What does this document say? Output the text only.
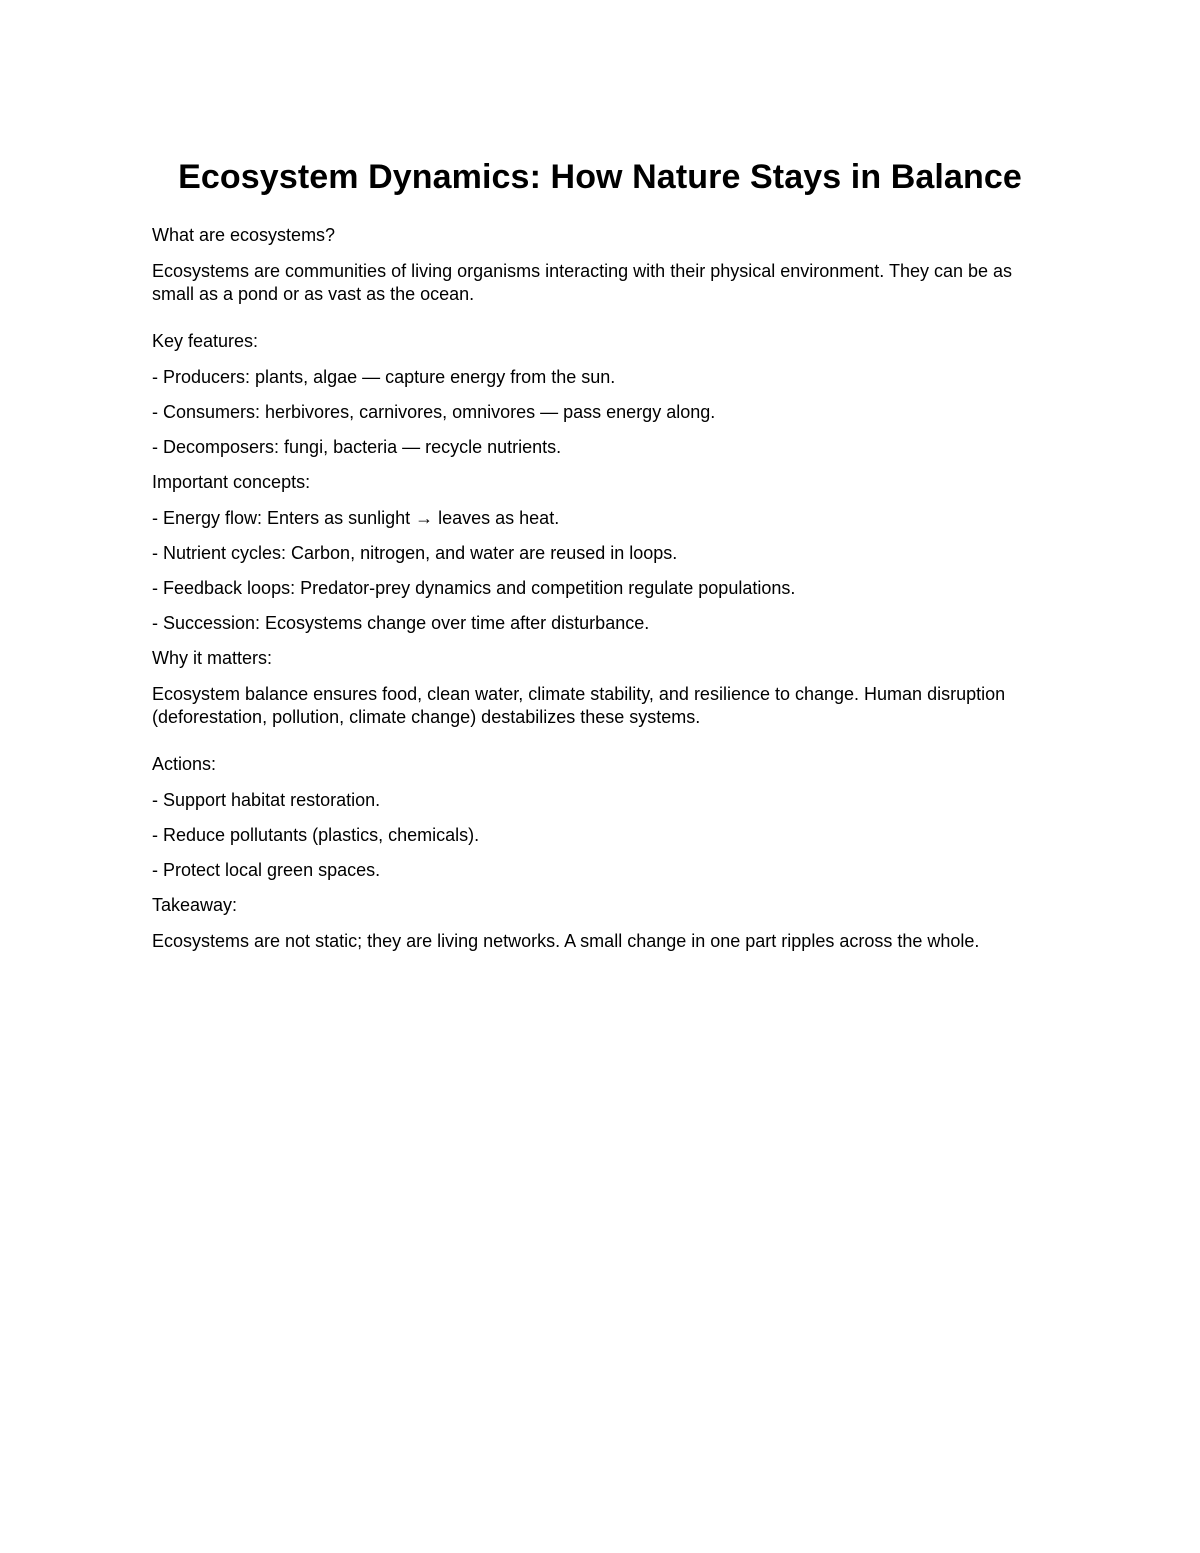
Ecosystem Dynamics: How Nature Stays in Balance
What are ecosystems?

Ecosystems are communities of living organisms interacting with their physical environment. They can be as small as a pond or as vast as the ocean.

Key features:
- Producers: plants, algae — capture energy from the sun.
- Consumers: herbivores, carnivores, omnivores — pass energy along.
- Decomposers: fungi, bacteria — recycle nutrients.
Important concepts:
- Energy flow: Enters as sunlight → leaves as heat.
- Nutrient cycles: Carbon, nitrogen, and water are reused in loops.
- Feedback loops: Predator-prey dynamics and competition regulate populations.
- Succession: Ecosystems change over time after disturbance.
Why it matters:

Ecosystem balance ensures food, clean water, climate stability, and resilience to change. Human disruption (deforestation, pollution, climate change) destabilizes these systems.

Actions:
- Support habitat restoration.
- Reduce pollutants (plastics, chemicals).
- Protect local green spaces.
Takeaway:

Ecosystems are not static; they are living networks. A small change in one part ripples across the whole.
